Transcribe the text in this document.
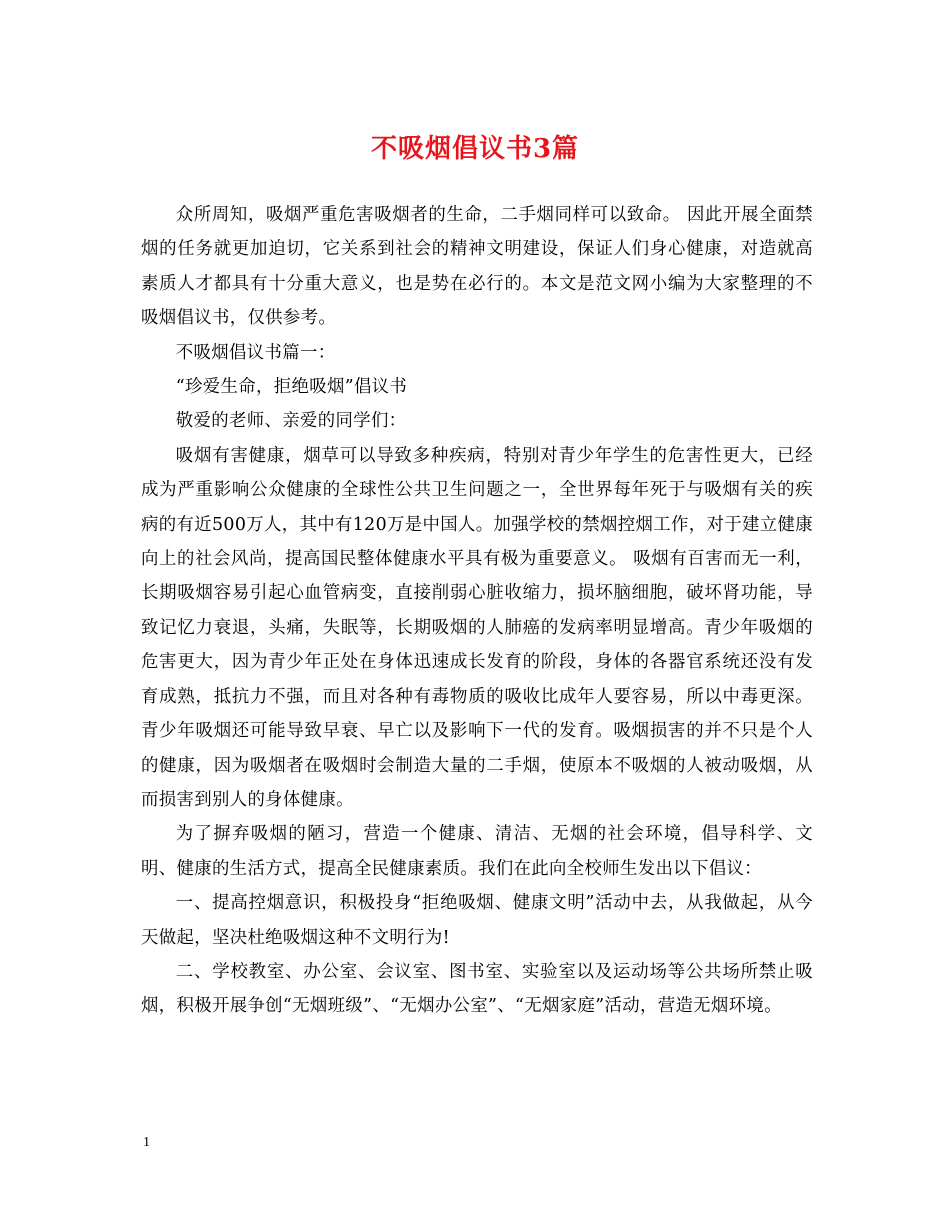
不吸烟倡议书3篇

众所周知，吸烟严重危害吸烟者的生命，二手烟同样可以致命。 因此开展全面禁烟的任务就更加迫切，它关系到社会的精神文明建设，保证人们身心健康，对造就高素质人才都具有十分重大意义，也是势在必行的。本文是范文网小编为大家整理的不吸烟倡议书，仅供参考。

不吸烟倡议书篇一：

“珍爱生命，拒绝吸烟”倡议书

敬爱的老师、亲爱的同学们：

吸烟有害健康，烟草可以导致多种疾病，特别对青少年学生的危害性更大，已经成为严重影响公众健康的全球性公共卫生问题之一，全世界每年死于与吸烟有关的疾病的有近500万人，其中有120万是中国人。加强学校的禁烟控烟工作，对于建立健康向上的社会风尚，提高国民整体健康水平具有极为重要意义。 吸烟有百害而无一利，长期吸烟容易引起心血管病变，直接削弱心脏收缩力，损坏脑细胞，破坏肾功能，导致记忆力衰退，头痛，失眠等，长期吸烟的人肺癌的发病率明显增高。青少年吸烟的危害更大，因为青少年正处在身体迅速成长发育的阶段，身体的各器官系统还没有发育成熟，抵抗力不强，而且对各种有毒物质的吸收比成年人要容易，所以中毒更深。青少年吸烟还可能导致早衰、早亡以及影响下一代的发育。吸烟损害的并不只是个人的健康，因为吸烟者在吸烟时会制造大量的二手烟，使原本不吸烟的人被动吸烟，从而损害到别人的身体健康。

为了摒弃吸烟的陋习，营造一个健康、清洁、无烟的社会环境，倡导科学、文明、健康的生活方式，提高全民健康素质。我们在此向全校师生发出以下倡议：

一、提高控烟意识，积极投身“拒绝吸烟、健康文明”活动中去，从我做起，从今天做起，坚决杜绝吸烟这种不文明行为!

二、学校教室、办公室、会议室、图书室、实验室以及运动场等公共场所禁止吸烟，积极开展争创“无烟班级”、“无烟办公室”、“无烟家庭”活动，营造无烟环境。

1
